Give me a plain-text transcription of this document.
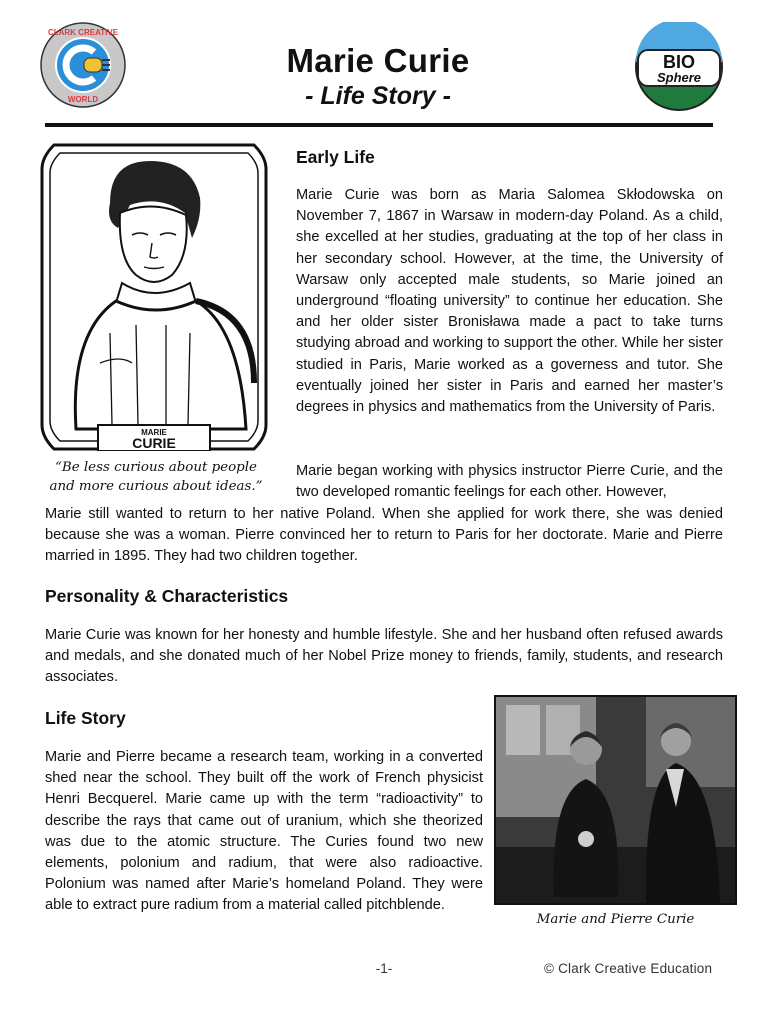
CLARK CREATIVE
WORLD
Marie Curie
- Life Story -
BIO
Sphere
MARIE
CURIE
“Be less curious about people and more curious about ideas.”
Early Life

Marie Curie was born as Maria Salomea Skłodowska on November 7, 1867 in Warsaw in modern-day Poland. As a child, she excelled at her studies, graduating at the top of her class in her secondary school. However, at the time, the University of Warsaw only accepted male students, so Marie joined an underground “floating university” to continue her education. She and her older sister Bronisława made a pact to take turns studying abroad and working to support the other. While her sister studied in Paris, Marie worked as a governess and tutor. She eventually joined her sister in Paris and earned her master’s degrees in physics and mathematics from the University of Paris.

Marie began working with physics instructor Pierre Curie, and the two developed romantic feelings for each other. However,

Marie still wanted to return to her native Poland. When she applied for work there, she was denied because she was a woman. Pierre convinced her to return to Paris for her doctorate. Marie and Pierre married in 1895. They had two children together.

Personality & Characteristics

Marie Curie was known for her honesty and humble lifestyle. She and her husband often refused awards and medals, and she donated much of her Nobel Prize money to friends, family, students, and research associates.

Life Story

Marie and Pierre became a research team, working in a converted shed near the school. They built off the work of French physicist Henri Becquerel. Marie came up with the term “radioactivity” to describe the rays that came out of uranium, which she theorized was due to the atomic structure. The Curies found two new elements, polonium and radium, that were also radioactive. Polonium was named after Marie’s homeland Poland. They were able to extract pure radium from a material called pitchblende.

Marie and Pierre Curie
-1-	© Clark Creative Education
